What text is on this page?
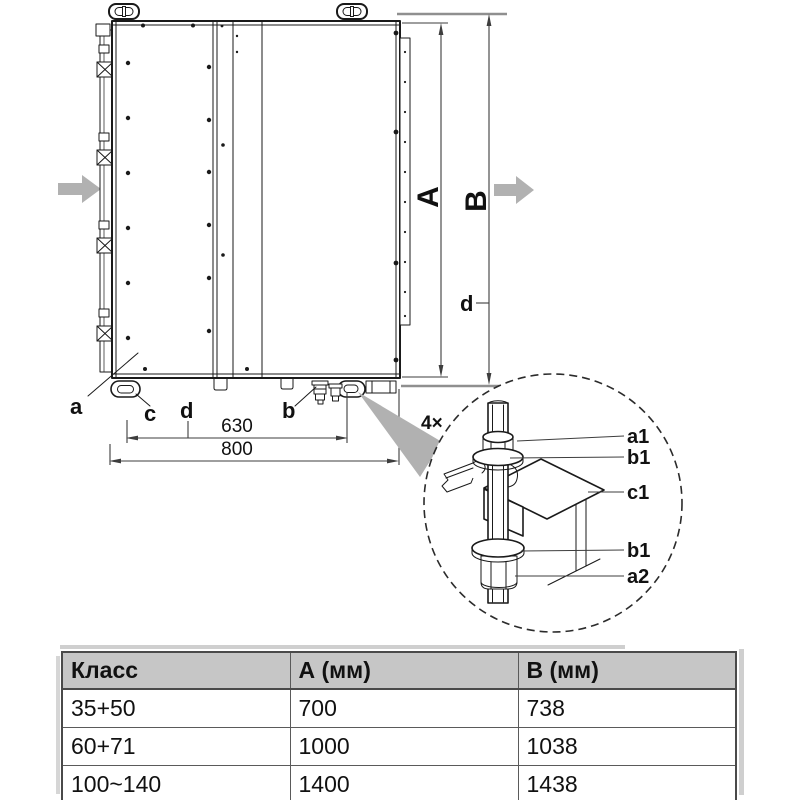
A B
d
630
d
800
a	c	b
4×
a1
b1
c1
b1
a2
Класс	А (мм)	В (мм)
35+50	700	738
60+71	1000	1038
100~140	1400	1438
